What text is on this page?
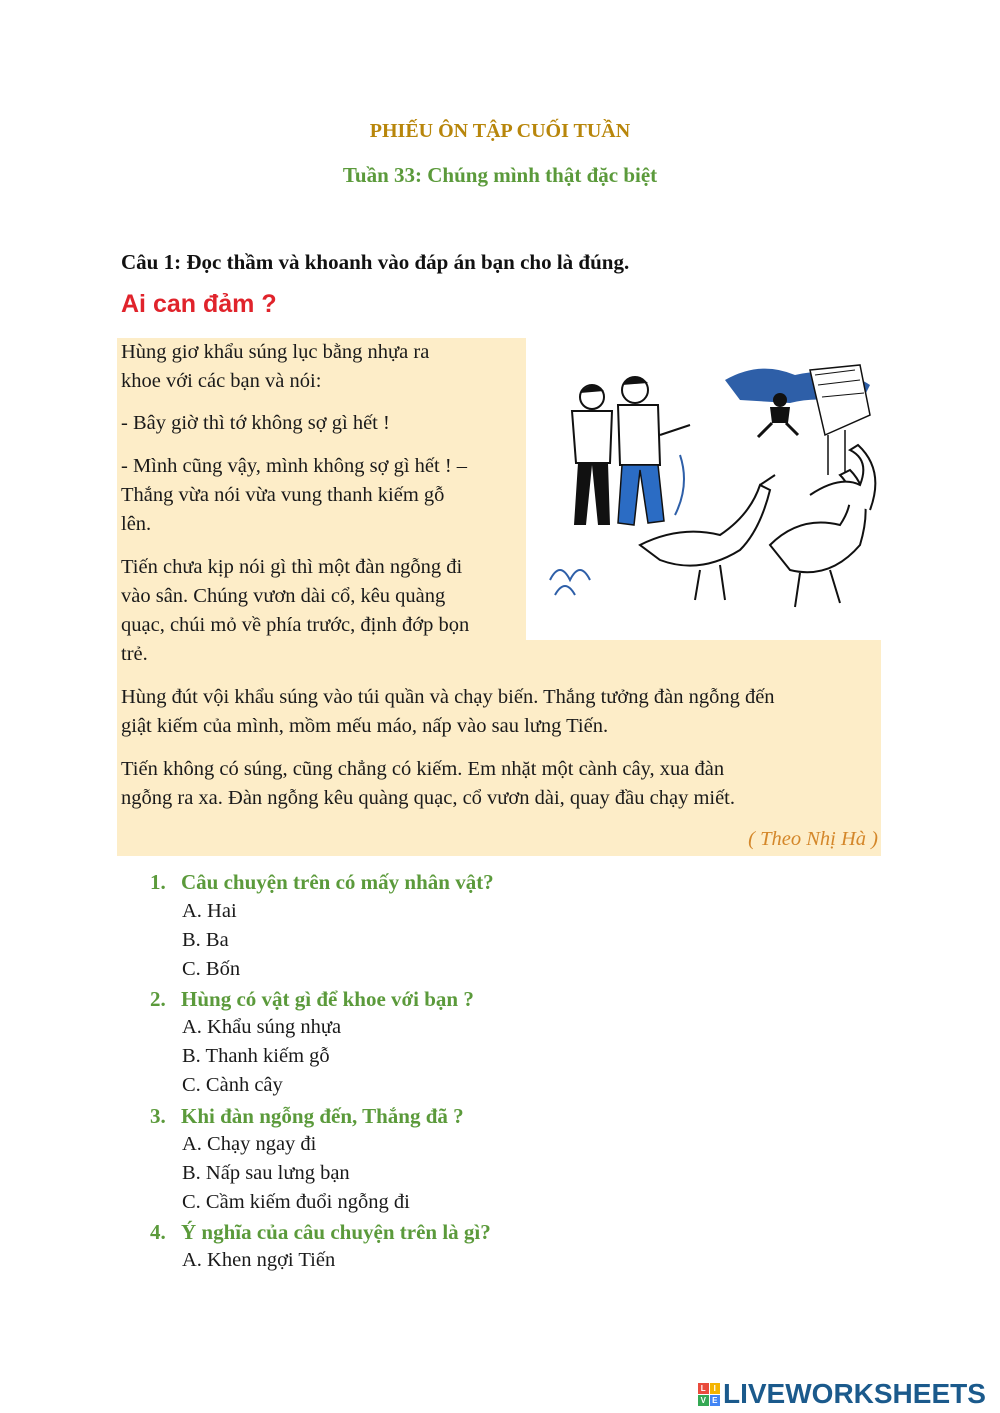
PHIẾU ÔN TẬP CUỐI TUẦN
Tuần 33: Chúng mình thật đặc biệt
Câu 1: Đọc thầm và khoanh vào đáp án bạn cho là đúng.
Ai can đảm ?

Hùng giơ khẩu súng lục bằng nhựa ra

khoe với các bạn và nói:

- Bây giờ thì tớ không sợ gì hết !

- Mình cũng vậy, mình không sợ gì hết ! –

Thắng vừa nói vừa vung thanh kiếm gỗ

lên.

Tiến chưa kịp nói gì thì một đàn ngỗng đi

vào sân. Chúng vươn dài cổ, kêu quàng

quạc, chúi mỏ về phía trước, định đớp bọn

trẻ.

Hùng đút vội khẩu súng vào túi quần và chạy biến. Thắng tưởng đàn ngỗng đến

giật kiếm của mình, mồm mếu máo, nấp vào sau lưng Tiến.

Tiến không có súng, cũng chẳng có kiếm. Em nhặt một cành cây, xua đàn

ngỗng ra xa. Đàn ngỗng kêu quàng quạc, cổ vươn dài, quay đầu chạy miết.

( Theo Nhị Hà )
1. Câu chuyện trên có mấy nhân vật?
A. Hai
B. Ba
C. Bốn
2. Hùng có vật gì để khoe với bạn ?
A. Khẩu súng nhựa
B. Thanh kiếm gỗ
C. Cành cây
3. Khi đàn ngỗng đến, Thắng đã ?
A. Chạy ngay đi
B. Nấp sau lưng bạn
C. Cầm kiếm đuổi ngỗng đi
4. Ý nghĩa của câu chuyện trên là gì?
A. Khen ngợi Tiến
L I
V E LIVEWORKSHEETS
